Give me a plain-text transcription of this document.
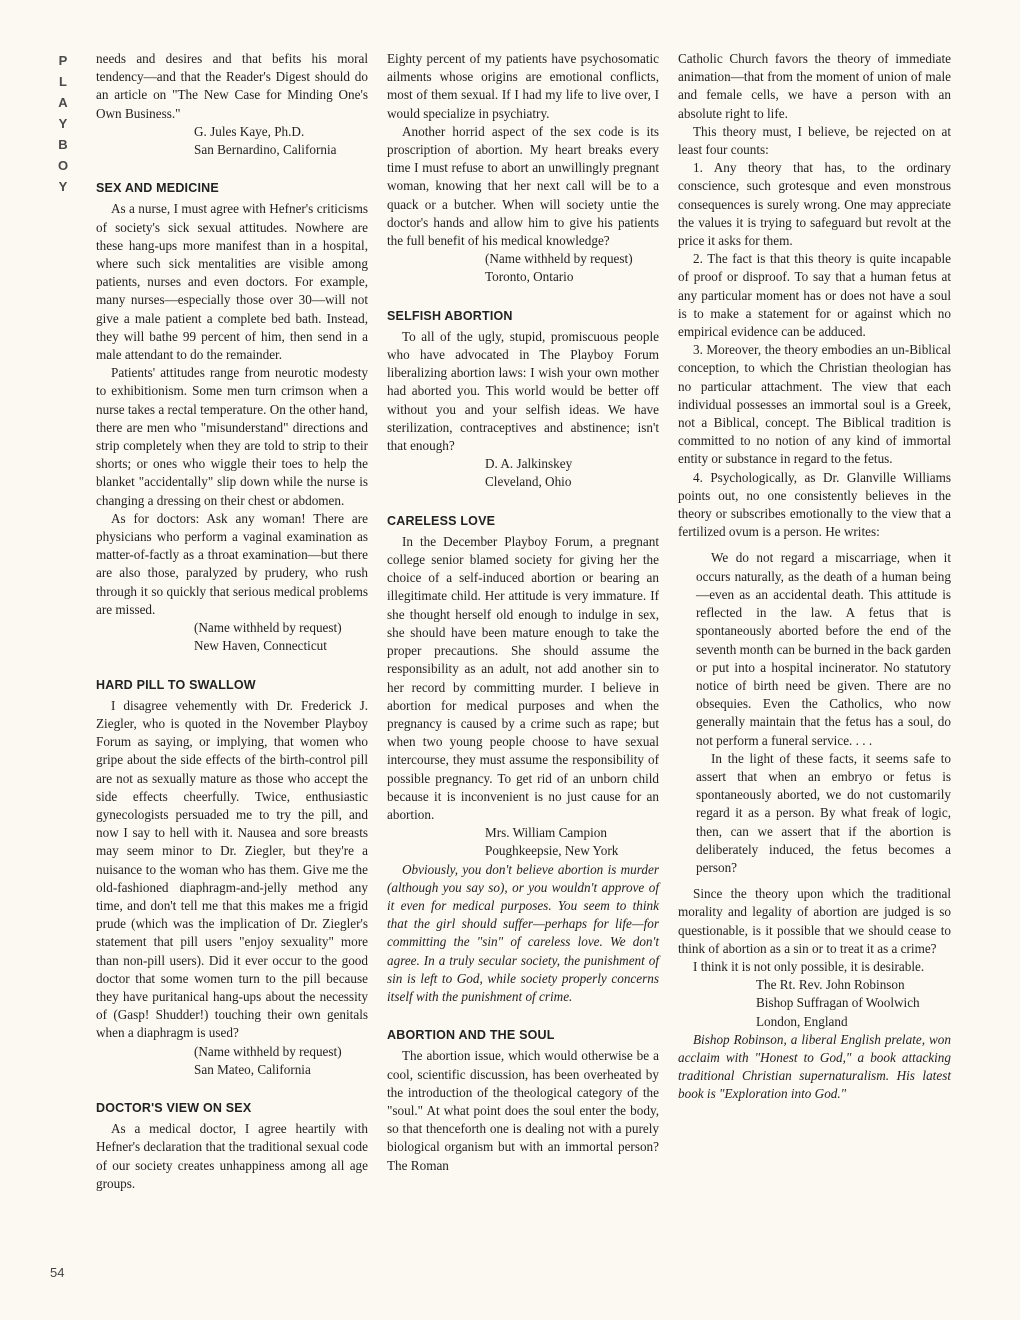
P
L
A
Y
B
O
Y
54

needs and desires and that befits his moral tendency—and that the Reader's Digest should do an article on "The New Case for Minding One's Own Business."

G. Jules Kaye, Ph.D.

San Bernardino, California

SEX AND MEDICINE

As a nurse, I must agree with Hefner's criticisms of society's sick sexual attitudes. Nowhere are these hang-ups more manifest than in a hospital, where such sick mentalities are visible among patients, nurses and even doctors. For example, many nurses—especially those over 30—will not give a male patient a complete bed bath. Instead, they will bathe 99 percent of him, then send in a male attendant to do the remainder.

Patients' attitudes range from neurotic modesty to exhibitionism. Some men turn crimson when a nurse takes a rectal temperature. On the other hand, there are men who "misunderstand" directions and strip completely when they are told to strip to their shorts; or ones who wiggle their toes to help the blanket "accidentally" slip down while the nurse is changing a dressing on their chest or abdomen.

As for doctors: Ask any woman! There are physicians who perform a vaginal examination as matter-of-factly as a throat examination—but there are also those, paralyzed by prudery, who rush through it so quickly that serious medical problems are missed.

(Name withheld by request)

New Haven, Connecticut

HARD PILL TO SWALLOW

I disagree vehemently with Dr. Frederick J. Ziegler, who is quoted in the November Playboy Forum as saying, or implying, that women who gripe about the side effects of the birth-control pill are not as sexually mature as those who accept the side effects cheerfully. Twice, enthusiastic gynecologists persuaded me to try the pill, and now I say to hell with it. Nausea and sore breasts may seem minor to Dr. Ziegler, but they're a nuisance to the woman who has them. Give me the old-fashioned diaphragm-and-jelly method any time, and don't tell me that this makes me a frigid prude (which was the implication of Dr. Ziegler's statement that pill users "enjoy sexuality" more than non-pill users). Did it ever occur to the good doctor that some women turn to the pill because they have puritanical hang-ups about the necessity of (Gasp! Shudder!) touching their own genitals when a diaphragm is used?

(Name withheld by request)

San Mateo, California

DOCTOR'S VIEW ON SEX

As a medical doctor, I agree heartily with Hefner's declaration that the traditional sexual code of our society creates unhappiness among all age groups.

Eighty percent of my patients have psychosomatic ailments whose origins are emotional conflicts, most of them sexual. If I had my life to live over, I would specialize in psychiatry.

Another horrid aspect of the sex code is its proscription of abortion. My heart breaks every time I must refuse to abort an unwillingly pregnant woman, knowing that her next call will be to a quack or a butcher. When will society untie the doctor's hands and allow him to give his patients the full benefit of his medical knowledge?

(Name withheld by request)

Toronto, Ontario

SELFISH ABORTION

To all of the ugly, stupid, promiscuous people who have advocated in The Playboy Forum liberalizing abortion laws: I wish your own mother had aborted you. This world would be better off without you and your selfish ideas. We have sterilization, contraceptives and abstinence; isn't that enough?

D. A. Jalkinskey

Cleveland, Ohio

CARELESS LOVE

In the December Playboy Forum, a pregnant college senior blamed society for giving her the choice of a self-induced abortion or bearing an illegitimate child. Her attitude is very immature. If she thought herself old enough to indulge in sex, she should have been mature enough to take the proper precautions. She should assume the responsibility as an adult, not add another sin to her record by committing murder. I believe in abortion for medical purposes and when the pregnancy is caused by a crime such as rape; but when two young people choose to have sexual intercourse, they must assume the responsibility of possible pregnancy. To get rid of an unborn child because it is inconvenient is no just cause for an abortion.

Mrs. William Campion

Poughkeepsie, New York

Obviously, you don't believe abortion is murder (although you say so), or you wouldn't approve of it even for medical purposes. You seem to think that the girl should suffer—perhaps for life—for committing the "sin" of careless love. We don't agree. In a truly secular society, the punishment of sin is left to God, while society properly concerns itself with the punishment of crime.

ABORTION AND THE SOUL

The abortion issue, which would otherwise be a cool, scientific discussion, has been overheated by the introduction of the theological category of the "soul." At what point does the soul enter the body, so that thenceforth one is dealing not with a purely biological organism but with an immortal person? The Roman

Catholic Church favors the theory of immediate animation—that from the moment of union of male and female cells, we have a person with an absolute right to life.

This theory must, I believe, be rejected on at least four counts:

1. Any theory that has, to the ordinary conscience, such grotesque and even monstrous consequences is surely wrong. One may appreciate the values it is trying to safeguard but revolt at the price it asks for them.

2. The fact is that this theory is quite incapable of proof or disproof. To say that a human fetus at any particular moment has or does not have a soul is to make a statement for or against which no empirical evidence can be adduced.

3. Moreover, the theory embodies an un-Biblical conception, to which the Christian theologian has no particular attachment. The view that each individual possesses an immortal soul is a Greek, not a Biblical, concept. The Biblical tradition is committed to no notion of any kind of immortal entity or substance in regard to the fetus.

4. Psychologically, as Dr. Glanville Williams points out, no one consistently believes in the theory or subscribes emotionally to the view that a fertilized ovum is a person. He writes:

We do not regard a miscarriage, when it occurs naturally, as the death of a human being—even as an accidental death. This attitude is reflected in the law. A fetus that is spontaneously aborted before the end of the seventh month can be burned in the back garden or put into a hospital incinerator. No statutory notice of birth need be given. There are no obsequies. Even the Catholics, who now generally maintain that the fetus has a soul, do not perform a funeral service. . . .

In the light of these facts, it seems safe to assert that when an embryo or fetus is spontaneously aborted, we do not customarily regard it as a person. By what freak of logic, then, can we assert that if the abortion is deliberately induced, the fetus becomes a person?

Since the theory upon which the traditional morality and legality of abortion are judged is so questionable, is it possible that we should cease to think of abortion as a sin or to treat it as a crime?

I think it is not only possible, it is desirable.

The Rt. Rev. John Robinson

Bishop Suffragan of Woolwich

London, England

Bishop Robinson, a liberal English prelate, won acclaim with "Honest to God," a book attacking traditional Christian supernaturalism. His latest book is "Exploration into God."
